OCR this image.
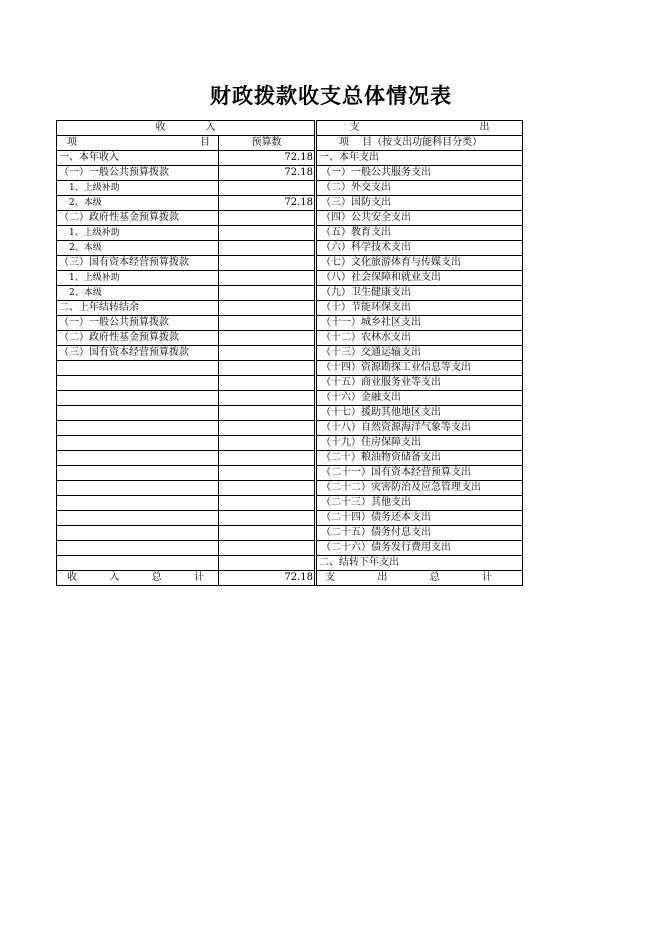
财政拨款收支总体情况表
收　　　　入			支　　　　　　　　　　　　出

项 目	预算数		项　 目（按支出功能科目分类）
一、本年收入	72.18		一、本年支出
（一）一般公共预算拨款	72.18		（一）一般公共服务支出
1、上级补助			（二）外交支出
2、本级	72.18		（三）国防支出
（二）政府性基金预算拨款			（四）公共安全支出
1、上级补助			（五）教育支出
2、本级			（六）科学技术支出
（三）国有资本经营预算拨款			（七）文化旅游体育与传媒支出
1、上级补助			（八）社会保障和就业支出
2、本级			（九）卫生健康支出
二、上年结转结余			（十）节能环保支出
（一）一般公共预算拨款			（十一）城乡社区支出
（二）政府性基金预算拨款			（十二）农林水支出
（三）国有资本经营预算拨款			（十三）交通运输支出
			（十四）资源勘探工业信息等支出
			（十五）商业服务业等支出
			（十六）金融支出
			（十七）援助其他地区支出
			（十八）自然资源海洋气象等支出
			（十九）住房保障支出
			（二十）粮油物资储备支出
			（二十一）国有资本经营预算支出
			（二十二）灾害防治及应急管理支出
			（二十三）其他支出
			（二十四）债务还本支出
			（二十五）债务付息支出
			（二十六）债务发行费用支出
			二、结转下年支出

收 入 总 计	72.18		支 出 总 计
